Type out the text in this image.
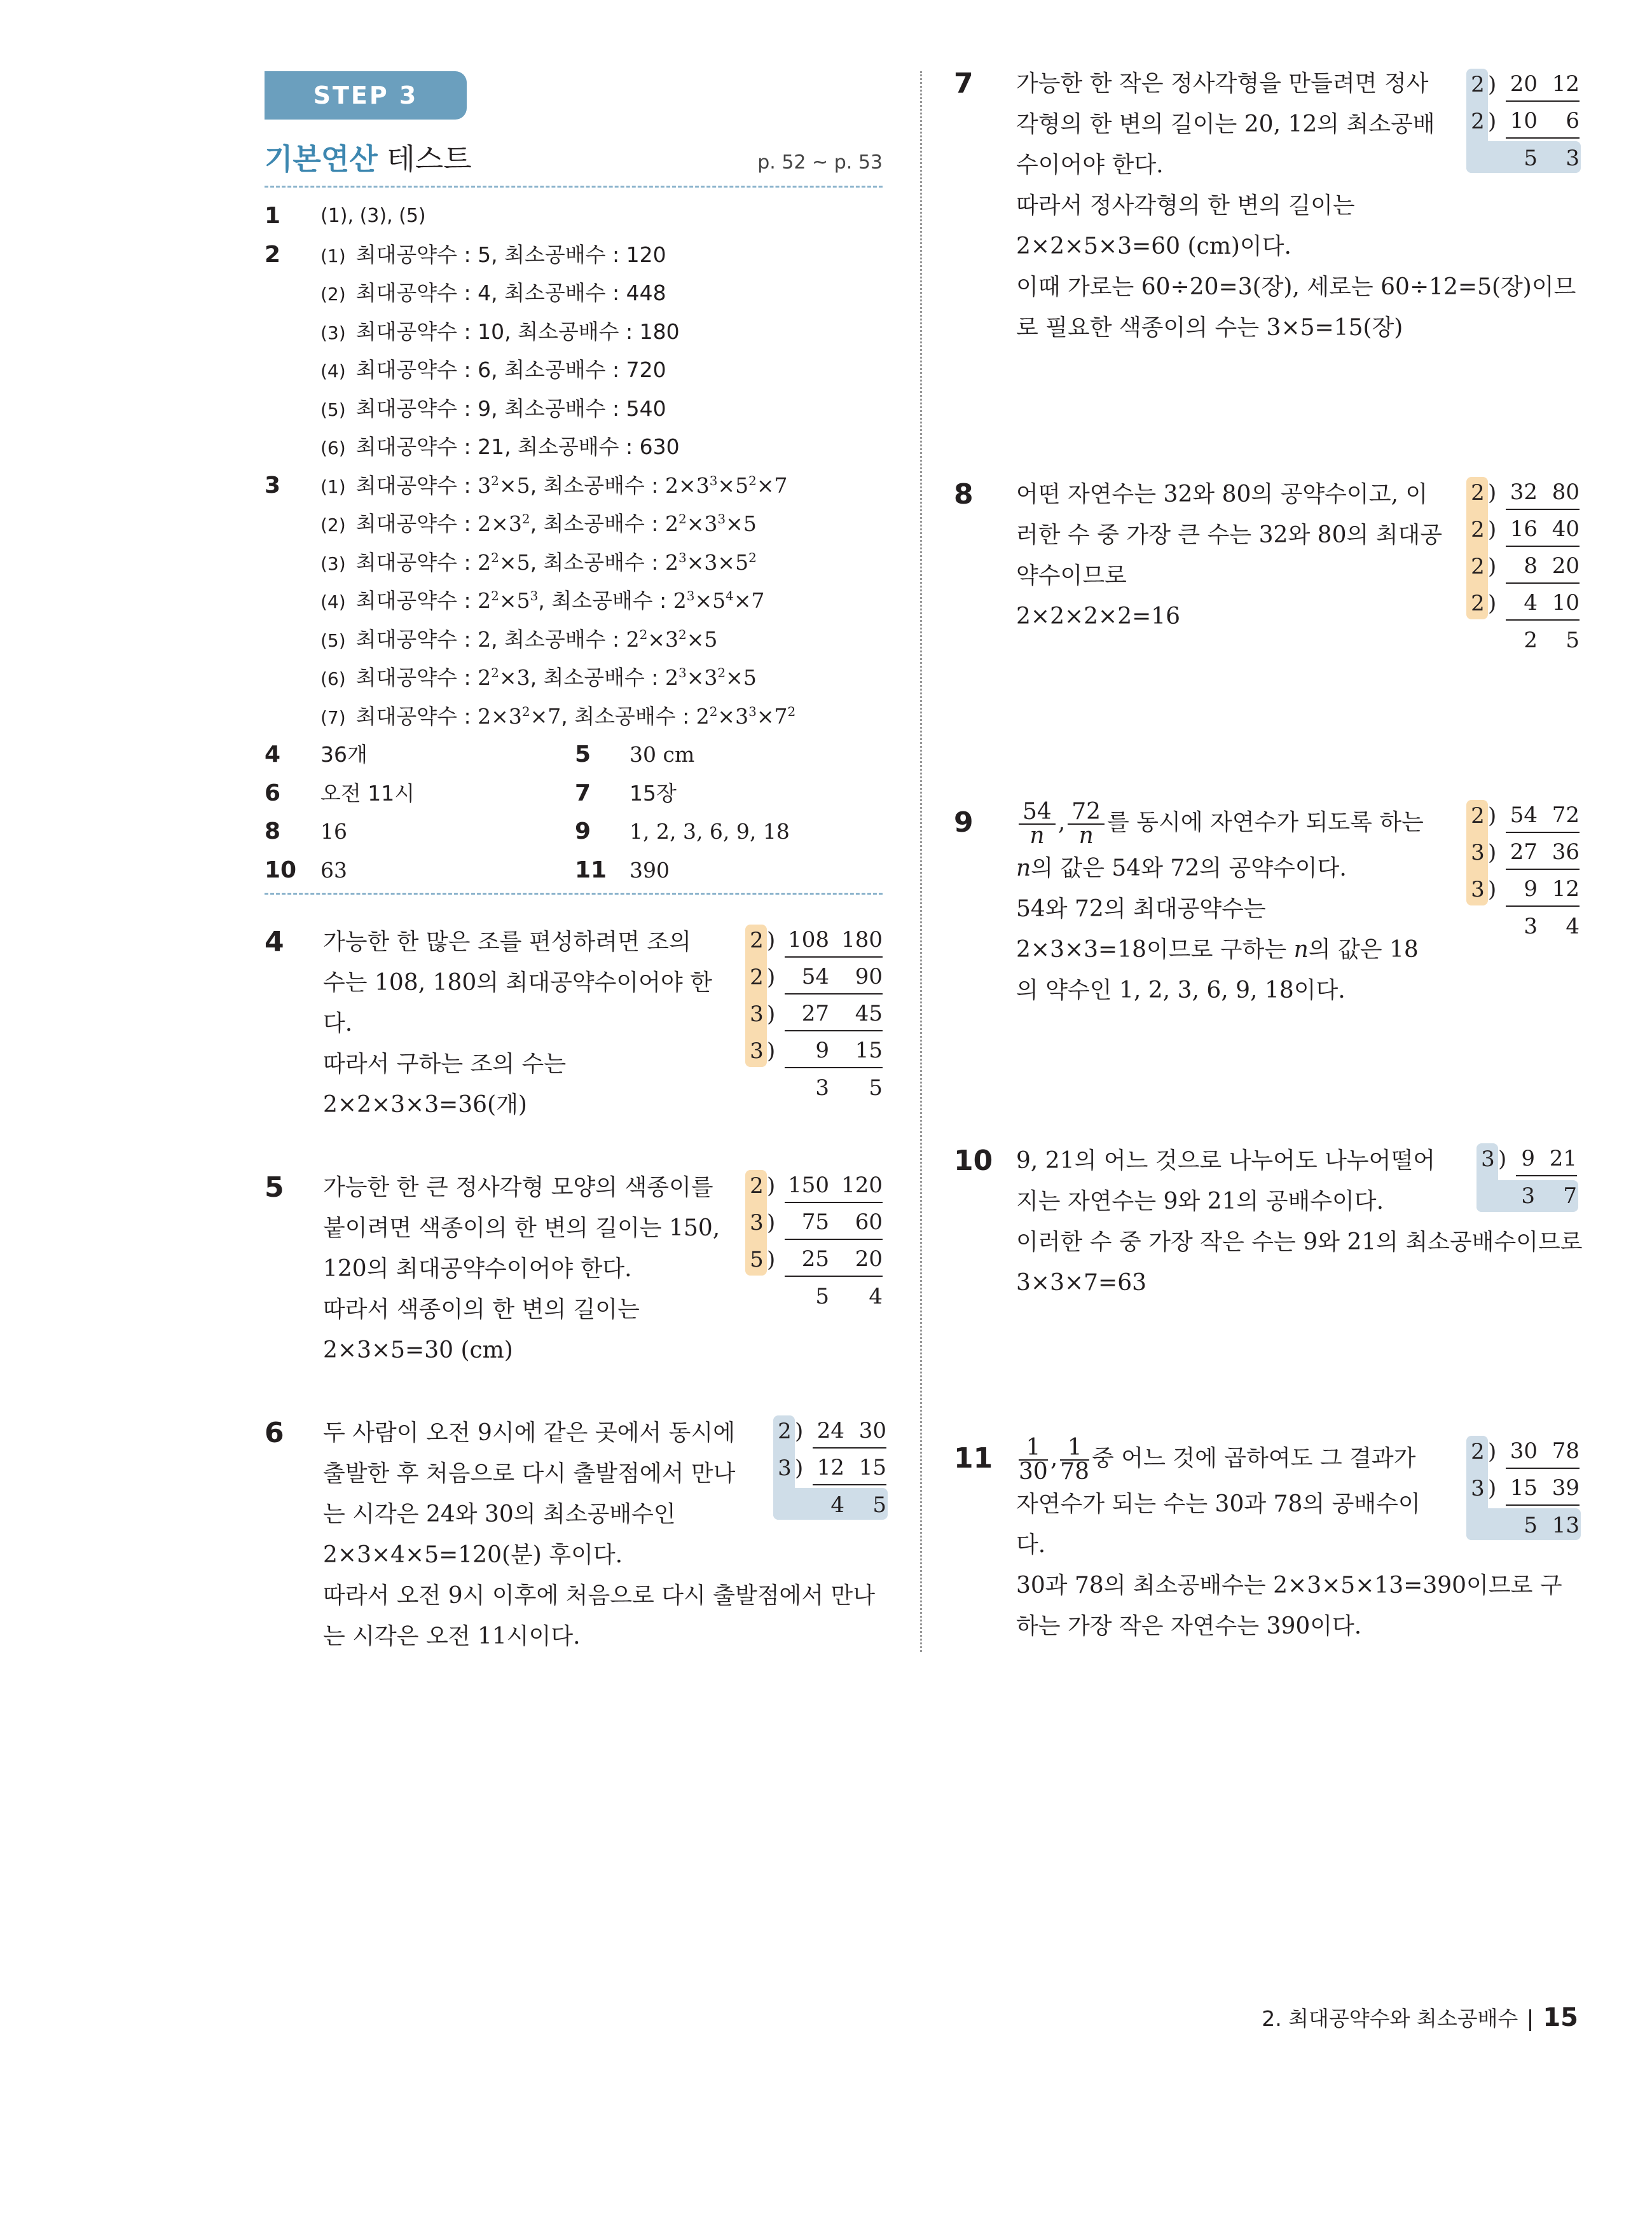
STEP 3
기본연산 테스트	p. 52 ~ p. 53
1 (1), (3), (5)
2 (1) 최대공약수 : 5, 최소공배수 : 120
(2) 최대공약수 : 4, 최소공배수 : 448
(3) 최대공약수 : 10, 최소공배수 : 180
(4) 최대공약수 : 6, 최소공배수 : 720
(5) 최대공약수 : 9, 최소공배수 : 540
(6) 최대공약수 : 21, 최소공배수 : 630
3 (1) 최대공약수 : $3^2\times 5$, 최소공배수 : $2\times 3^3\times 5^2\times 7$
(2) 최대공약수 : $2\times 3^2$, 최소공배수 : $2^2\times 3^3\times 5$
(3) 최대공약수 : $2^2\times 5$, 최소공배수 : $2^3\times 3\times 5^2$
(4) 최대공약수 : $2^2\times 5^3$, 최소공배수 : $2^3\times 5^4\times 7$
(5) 최대공약수 : 2, 최소공배수 : $2^2\times 3^2\times 5$
(6) 최대공약수 : $2^2\times 3$, 최소공배수 : $2^3\times 3^2\times 5$
(7) 최대공약수 : $2\times 3^2\times 7$, 최소공배수 : $2^2\times 3^3\times 7^2$
4 36개	5 30 cm
6 오전 11시	7 15장
8 16	9 1, 2, 3, 6, 9, 18
10 63	11 390
4 가능한 한 많은 조를 편성하려면 조의

수는 108, 180의 최대공약수이어야 한

다.

따라서 구하는 조의 수는

2×2×3×3=36(개)

2 ) 108 180
2 )	54 90
3 )	27 45
3 )	9 15
3 5
5 가능한 한 큰 정사각형 모양의 색종이를

붙이려면 색종이의 한 변의 길이는 150,

120의 최대공약수이어야 한다.

따라서 색종이의 한 변의 길이는

2×3×5=30 (cm)

2 ) 150 120
3 )	75 60
5 )	25 20
5 4
6 두 사람이 오전 9시에 같은 곳에서 동시에

출발한 후 처음으로 다시 출발점에서 만나

는 시각은 24와 30의 최소공배수인

2×3×4×5=120(분) 후이다.

따라서 오전 9시 이후에 처음으로 다시 출발점에서 만나

는 시각은 오전 11시이다.

2 ) 24 30
3 ) 12 15
4 5
7 가능한 한 작은 정사각형을 만들려면 정사

각형의 한 변의 길이는 20, 12의 최소공배

수이어야 한다.

따라서 정사각형의 한 변의 길이는

2×2×5×3=60 (cm)이다.

이때 가로는 60÷20=3(장), 세로는 60÷12=5(장)이므

로 필요한 색종이의 수는 3×5=15(장)

2 ) 20 12
2 ) 10 6
5 3
8 어떤 자연수는 32와 80의 공약수이고, 이

러한 수 중 가장 큰 수는 32와 80의 최대공

약수이므로

2×2×2×2=16

2 ) 32 80
2 ) 16 40
2 )	8 20
2 )	4 10
2 5
$9 \frac{54}{n}$ , $\frac{72}{n}$ 를 동시에 자연수가 되도록 하는

n의 값은 54와 72의 공약수이다.

54와 72의 최대공약수는

2×3×3=18이므로 구하는 n의 값은 18

의 약수인 1, 2, 3, 6, 9, 18이다.

2 ) 54 72
3 ) 27 36
3 )	9 12
3 4
10 9, 21의 어느 것으로 나누어도 나누어떨어

지는 자연수는 9와 21의 공배수이다.

이러한 수 중 가장 작은 수는 9와 21의 최소공배수이므로

3×3×7=63

3 ) 9 21
3 7
$11 \frac{1}{30}$ , $\frac{1}{78}$ 중 어느 것에 곱하여도 그 결과가

자연수가 되는 수는 30과 78의 공배수이

다.

30과 78의 최소공배수는 2×3×5×13=390이므로 구

하는 가장 작은 자연수는 390이다.

2 ) 30 78
3 ) 15 39
5 13
2. 최대공약수와 최소공배수 15
